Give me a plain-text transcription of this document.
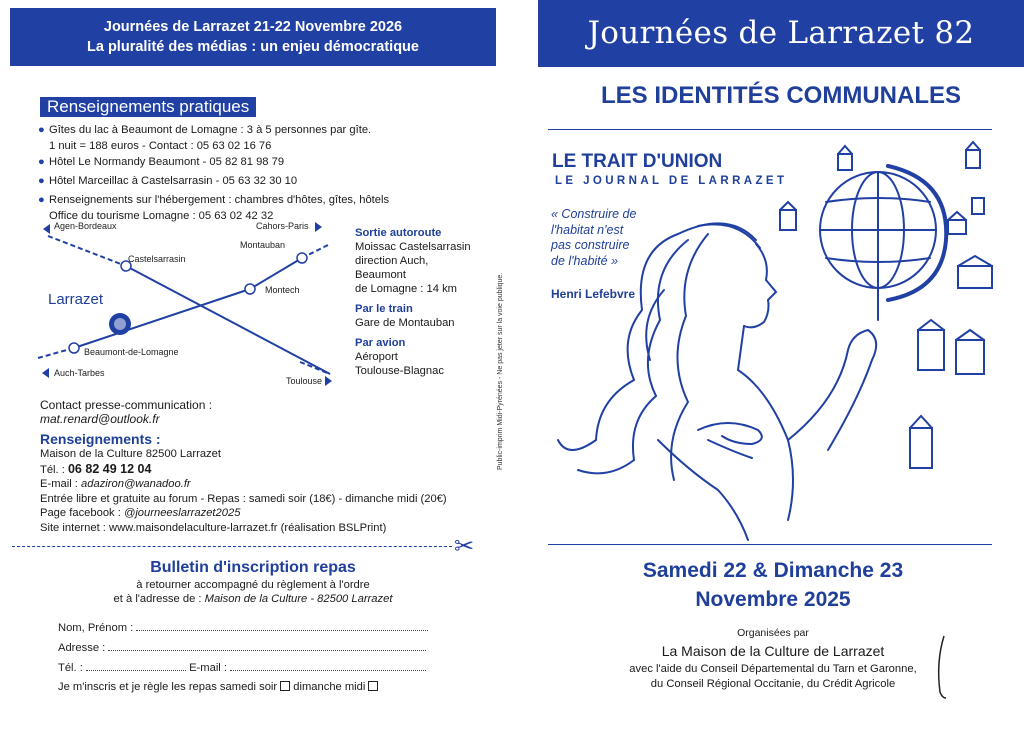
Journées de Larrazet 21-22 Novembre 2026
La pluralité des médias : un enjeu démocratique
Renseignements pratiques
● Gîtes du lac à Beaumont de Lomagne : 3 à 5 personnes par gîte.
1 nuit = 188 euros - Contact : 05 63 02 16 76
● Hôtel Le Normandy Beaumont - 05 82 81 98 79
● Hôtel Marceillac à Castelsarrasin - 05 63 32 30 10
● Renseignements sur l'hébergement : chambres d'hôtes, gîtes, hôtels
Office du tourisme Lomagne : 05 63 02 42 32
Agen-Bordeaux	Cahors-Paris
Castelsarrasin
Montauban
Montech
Larrazet
Beaumont-de-Lomagne
Auch-Tarbes
Toulouse
Sortie autoroute
Moissac Castelsarrasin
direction Auch,
Beaumont
de Lomagne : 14 km
Par le train
Gare de Montauban
Par avion
Aéroport
Toulouse-Blagnac
Contact presse-communication :
mat.renard@outlook.fr
Renseignements :
Maison de la Culture 82500 Larrazet
Tél. : 06 82 49 12 04
E-mail : adaziron@wanadoo.fr
Entrée libre et gratuite au forum - Repas : samedi soir (18€) - dimanche midi (20€)
Page facebook : @journeeslarrazet2025
Site internet : www.maisondelaculture-larrazet.fr (réalisation BSLPrint)
✂
Bulletin d'inscription repas
à retourner accompagné du règlement à l'ordre
et à l'adresse de : Maison de la Culture - 82500 Larrazet
Nom, Prénom :
Adresse :
Tél. :	E-mail :
Je m'inscris et je règle les repas samedi soir dimanche midi
Public-imprim Midi-Pyrénées - Ne pas jeter sur la voie publique.
Journées de Larrazet 82
LES IDENTITÉS COMMUNALES
LE TRAIT D'UNION
LE JOURNAL DE LARRAZET
« Construire de
l'habitat n'est
pas construire
de l'habité »
Henri Lefebvre
Samedi 22 & Dimanche 23
Novembre 2025
Organisées par
La Maison de la Culture de Larrazet
avec l'aide du Conseil Départemental du Tarn et Garonne,
du Conseil Régional Occitanie, du Crédit Agricole
